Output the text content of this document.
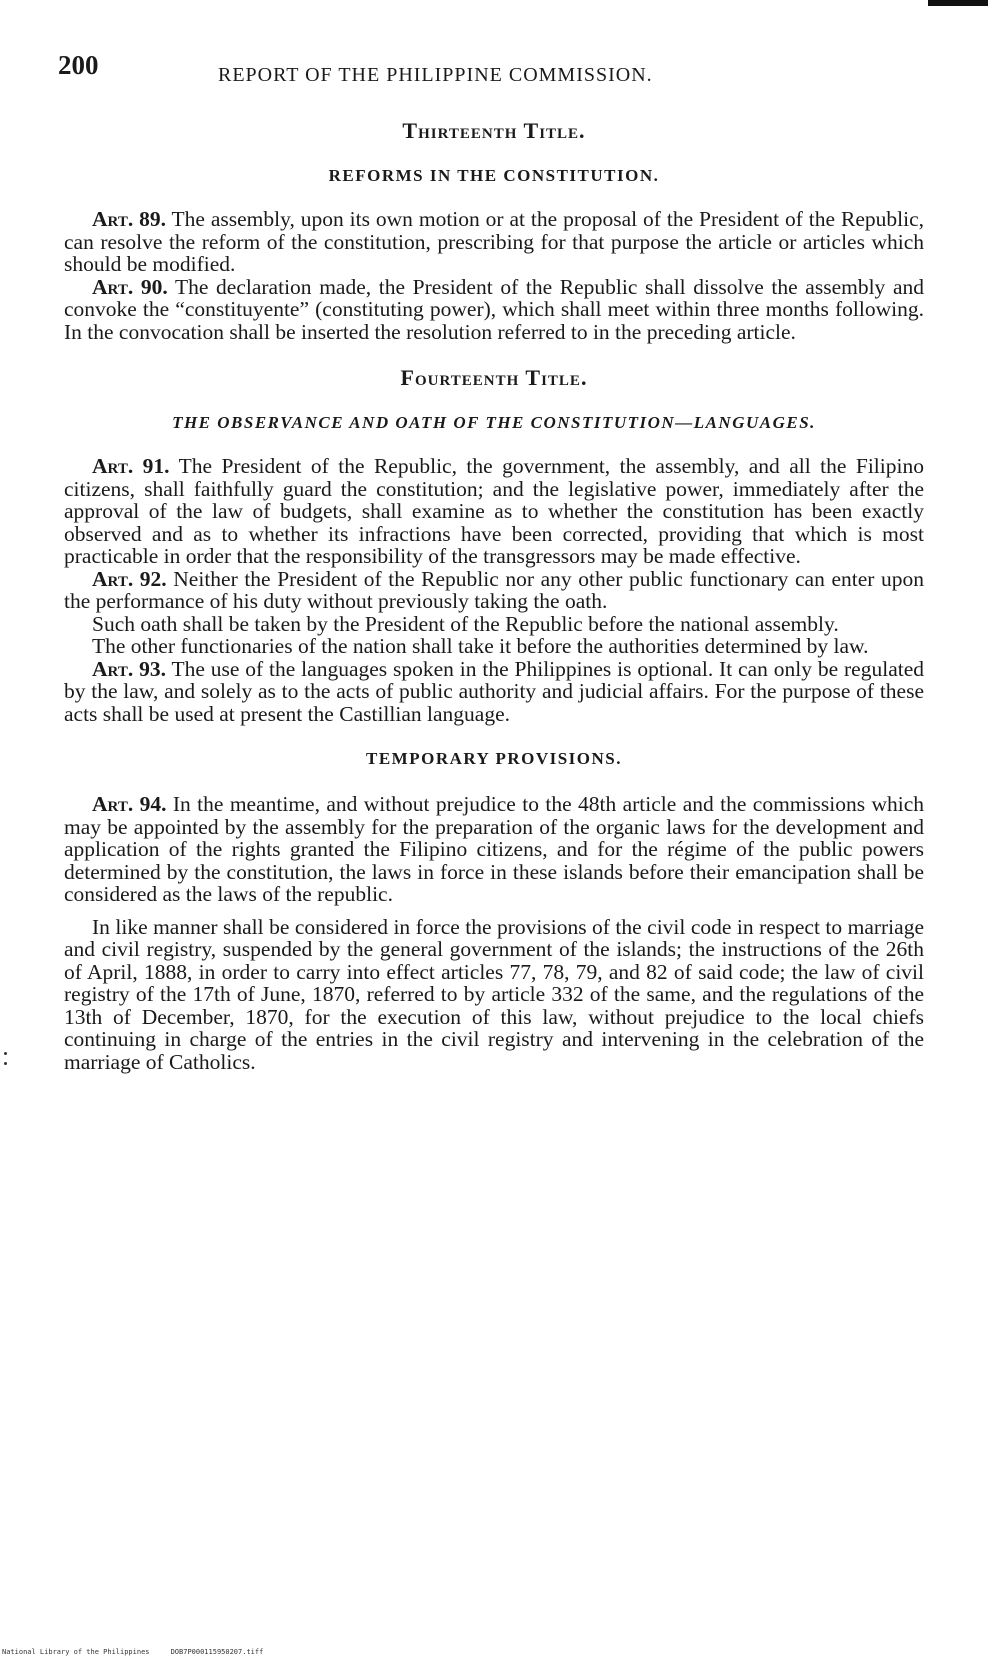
200	REPORT OF THE PHILIPPINE COMMISSION.
Thirteenth Title.
REFORMS IN THE CONSTITUTION.

Art. 89. The assembly, upon its own motion or at the proposal of the President of the Republic, can resolve the reform of the constitution, prescribing for that purpose the article or articles which should be modified.

Art. 90. The declaration made, the President of the Republic shall dissolve the assembly and convoke the “constituyente” (constituting power), which shall meet within three months following. In the convocation shall be inserted the resolution referred to in the preceding article.

Fourteenth Title.
THE OBSERVANCE AND OATH OF THE CONSTITUTION—LANGUAGES.

Art. 91. The President of the Republic, the government, the assembly, and all the Filipino citizens, shall faithfully guard the constitution; and the legislative power, immediately after the approval of the law of budgets, shall examine as to whether the constitution has been exactly observed and as to whether its infractions have been corrected, providing that which is most practicable in order that the responsibility of the transgressors may be made effective.

Art. 92. Neither the President of the Republic nor any other public functionary can enter upon the performance of his duty without previously taking the oath.

Such oath shall be taken by the President of the Republic before the national assembly.

The other functionaries of the nation shall take it before the authorities determined by law.

Art. 93. The use of the languages spoken in the Philippines is optional. It can only be regulated by the law, and solely as to the acts of public authority and judicial affairs. For the purpose of these acts shall be used at present the Castillian language.

TEMPORARY PROVISIONS.

Art. 94. In the meantime, and without prejudice to the 48th article and the commissions which may be appointed by the assembly for the preparation of the organic laws for the development and application of the rights granted the Filipino citizens, and for the régime of the public powers determined by the constitution, the laws in force in these islands before their emancipation shall be considered as the laws of the republic.

In like manner shall be considered in force the provisions of the civil code in respect to marriage and civil registry, suspended by the general government of the islands; the instructions of the 26th of April, 1888, in order to carry into effect articles 77, 78, 79, and 82 of said code; the law of civil registry of the 17th of June, 1870, referred to by article 332 of the same, and the regulations of the 13th of December, 1870, for the execution of this law, without prejudice to the local chiefs continuing in charge of the entries in the civil registry and intervening in the celebration of the marriage of Catholics.

National Library of the Philippines	DOB7P000115950207.tiff
